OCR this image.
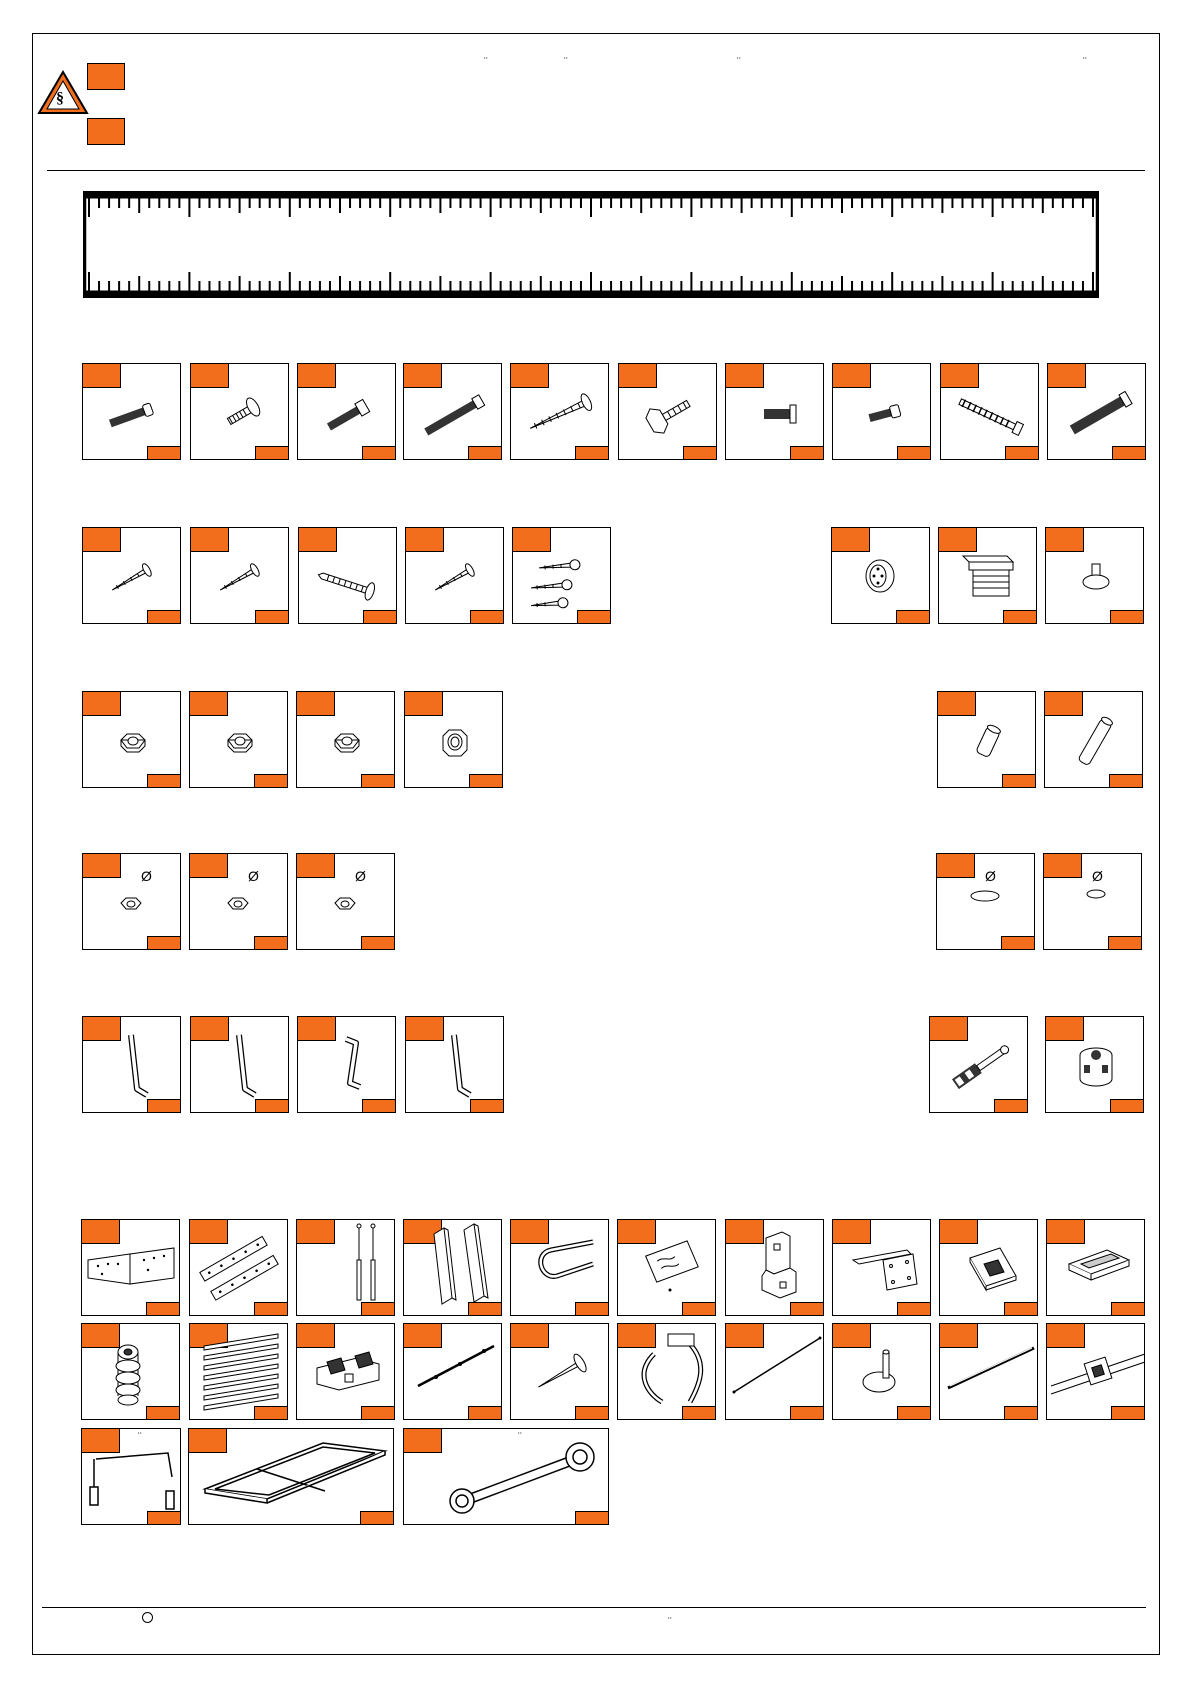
§
¨	¨	¨	¨
Ø	Ø	Ø	Ø	Ø
¨	¨
¨
